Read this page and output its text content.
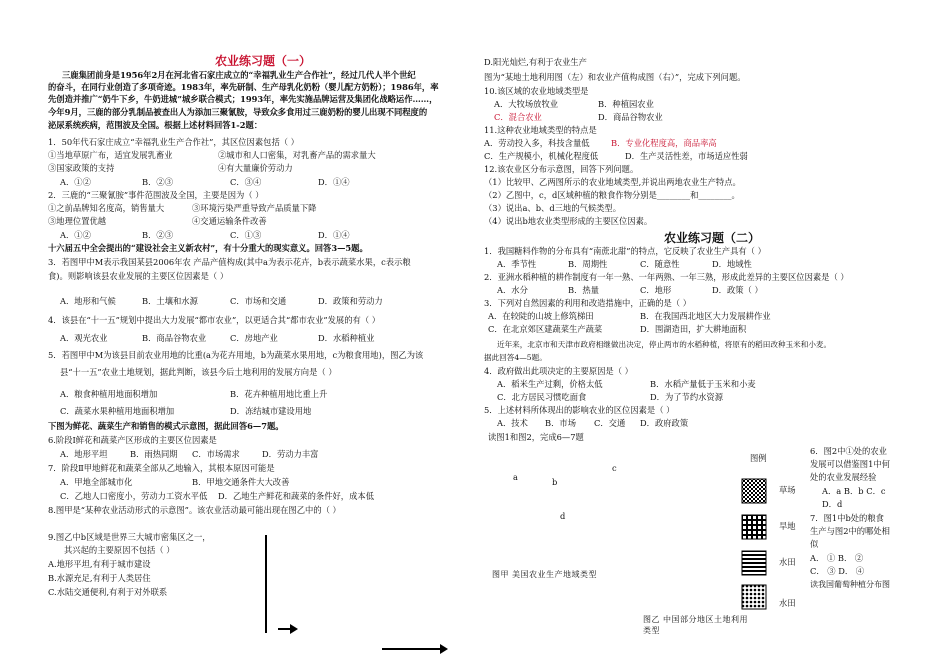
农业练习题（一）
三鹿集团前身是1956年2月在河北省石家庄成立的“幸福乳业生产合作社”，经过几代人半个世纪
的奋斗，在同行业创造了多项奇迹。1983年，率先研制、生产母乳化奶粉（婴儿配方奶粉）；1986年，率
先创造并推广“奶牛下乡，牛奶进城”城乡联合模式；1993年，率先实施品牌运营及集团化战略运作……，
今年9月，三鹿的部分乳制品被查出人为添加三聚氰胺，导致众多食用过三鹿奶粉的婴儿出现不同程度的
泌尿系统疾病，范围波及全国。根据上述材料回答1-2题：
1．50年代石家庄成立“幸福乳业生产合作社”，其区位因素包括（ ）
①当地草原广布，适宜发展乳畜业	②城市和人口密集，对乳畜产品的需求量大
③国家政策的支持	④有大量廉价劳动力
A．①②	B．②③	C．③④	D．①④
2．三鹿的“三聚氰胺”事件范围波及全国，主要是因为（ ）
①之前品牌知名度高，销售量大	③环境污染严重导致产品质量下降
③地理位置优越	④交通运输条件改善
A．①②	B．②③	C．①③	D．①④
十六届五中全会提出的“建设社会主义新农村”，有十分重大的现实意义。回答3—5题。
3．若图甲中M表示我国某县2006年农 产品产值构成(其中a为表示花卉，b表示蔬菜水果，c表示粮
食)。则影响该县农业发展的主要区位因素是（ ）
A．地形和气候	B．土壤和水源	C．市场和交通	D．政策和劳动力
4．该县在“十一五”规划中提出大力发展“都市农业”，以更适合其“都市农业”发展的有（ ）
A．观光农业	B．商品谷物农业	C．房地产业	D．水稻种植业
5．若图甲中M为该县目前农业用地的比重(a为花卉用地，b为蔬菜水果用地，c为粮食用地)，图乙为该
县“十一五”农业土地规划，据此判断，该县今后土地利用的发展方向是（ ）
A．粮食种植用地面积增加	B．花卉种植用地比重上升
C．蔬菜水果种植用地面积增加	D．冻结城市建设用地
下图为鲜花、蔬菜生产和销售的模式示意图，据此回答6—7题。
6.阶段Ⅰ鲜花和蔬菜产区形成的主要区位因素是
A．地形平坦	B．雨热同期 C．市场需求	D．劳动力丰富
7．阶段Ⅱ甲地鲜花和蔬菜全部从乙地输入，其根本原因可能是
A．甲地全部城市化	B．甲地交通条件大大改善
C．乙地人口密度小，劳动力工资水平低 D．乙地生产鲜花和蔬菜的条件好，成本低
8.图甲是“某种农业活动形式的示意图”。该农业活动最可能出现在图乙中的（ ）
9.图乙中b区域是世界三大城市密集区之一，
其兴起的主要原因不包括（ ）
A.地形平坦,有利于城市建设
B.水源充足,有利于人类居住
C.水陆交通便利,有利于对外联系
D.阳光灿烂,有利于农业生产
图为“某地土地利用图（左）和农业产值构成图（右）”，完成下列问题。
10.该区域的农业地域类型是
A．大牧场放牧业	B．种植园农业
C．混合农业	D．商品谷物农业
11.这种农业地域类型的特点是
A．劳动投入多，科技含量低	B．专业化程度高，商品率高
C．生产规模小，机械化程度低	D．生产灵活性差，市场适应性弱
12.该农业区分布示意图，回答下列问题。
（1）比较甲、乙两图所示的农业地域类型,并说出两地农业生产特点。
（2）乙图中，c，d区域种植的粮食作物分别是________和________。
（3）说出a、b、d三地的气候类型。
（4）说出b地农业类型形成的主要区位因素。
农业练习题（二）
1．我国糖料作物的分布具有“南蔗北甜”的特点，它反映了农业生产具有（ ）
A．季节性	B．周期性	C．随意性	D．地域性
2．亚洲水稻种植的耕作制度有一年一熟、一年两熟、一年三熟，形成此差异的主要区位因素是（ ）
A．水分	B．热量	C．地形	D．政策（ ）
3．下列对自然因素的利用和改造措施中，正确的是（ ）
A．在较陡的山坡上修筑梯田	B．在我国西北地区大力发展耕作业
C．在北京郊区建蔬菜生产蔬菜	D．围湖造田，扩大耕地面积
近年来，北京市和天津市政府相继做出决定，停止两市的水稻种植，将原有的稻田改种玉米和小麦。
据此回答4—5题。
4．政府做出此项决定的主要原因是（ ）
A．稻米生产过剩，价格太低	B．水稻产量低于玉米和小麦
C．北方居民习惯吃面食	D．为了节约水资源
5．上述材料所体现出的影响农业的区位因素是（ ）
A．技术 B．市场 C．交通 D．政府政策
读图1和图2，完成6—7题
c
a	b
d
图甲 美国农业生产地域类型
图乙 中国部分地区土地利用
类型
图例
草场
旱地
水田
水田
6．图2中①处的农业
发展可以借鉴图1中何
处的农业发展经验
A．a B．b C．c
D．d
7．图1中b处的粮食
生产与图2中的哪处相
似
A． ① B． ②
C． ③ D． ④
读我国葡萄种植分布图
